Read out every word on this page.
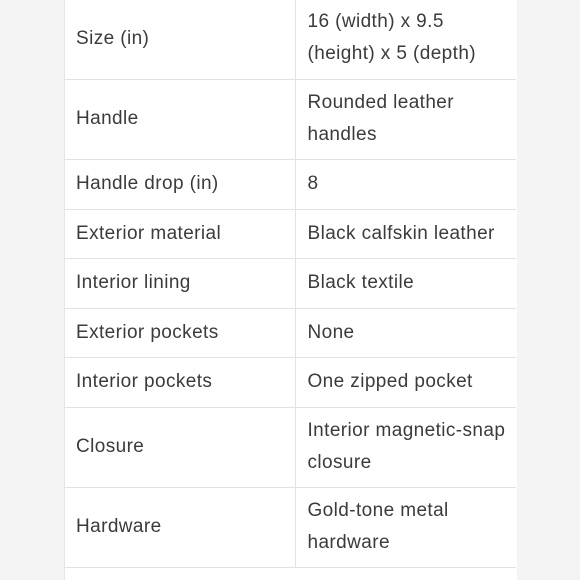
Size (in)	16 (width) x 9.5 (height) x 5 (depth)
Handle	Rounded leather handles
Handle drop (in)	8
Exterior material	Black calfskin leather
Interior lining	Black textile
Exterior pockets	None
Interior pockets	One zipped pocket
Closure	Interior magnetic-snap closure
Hardware	Gold-tone metal hardware
